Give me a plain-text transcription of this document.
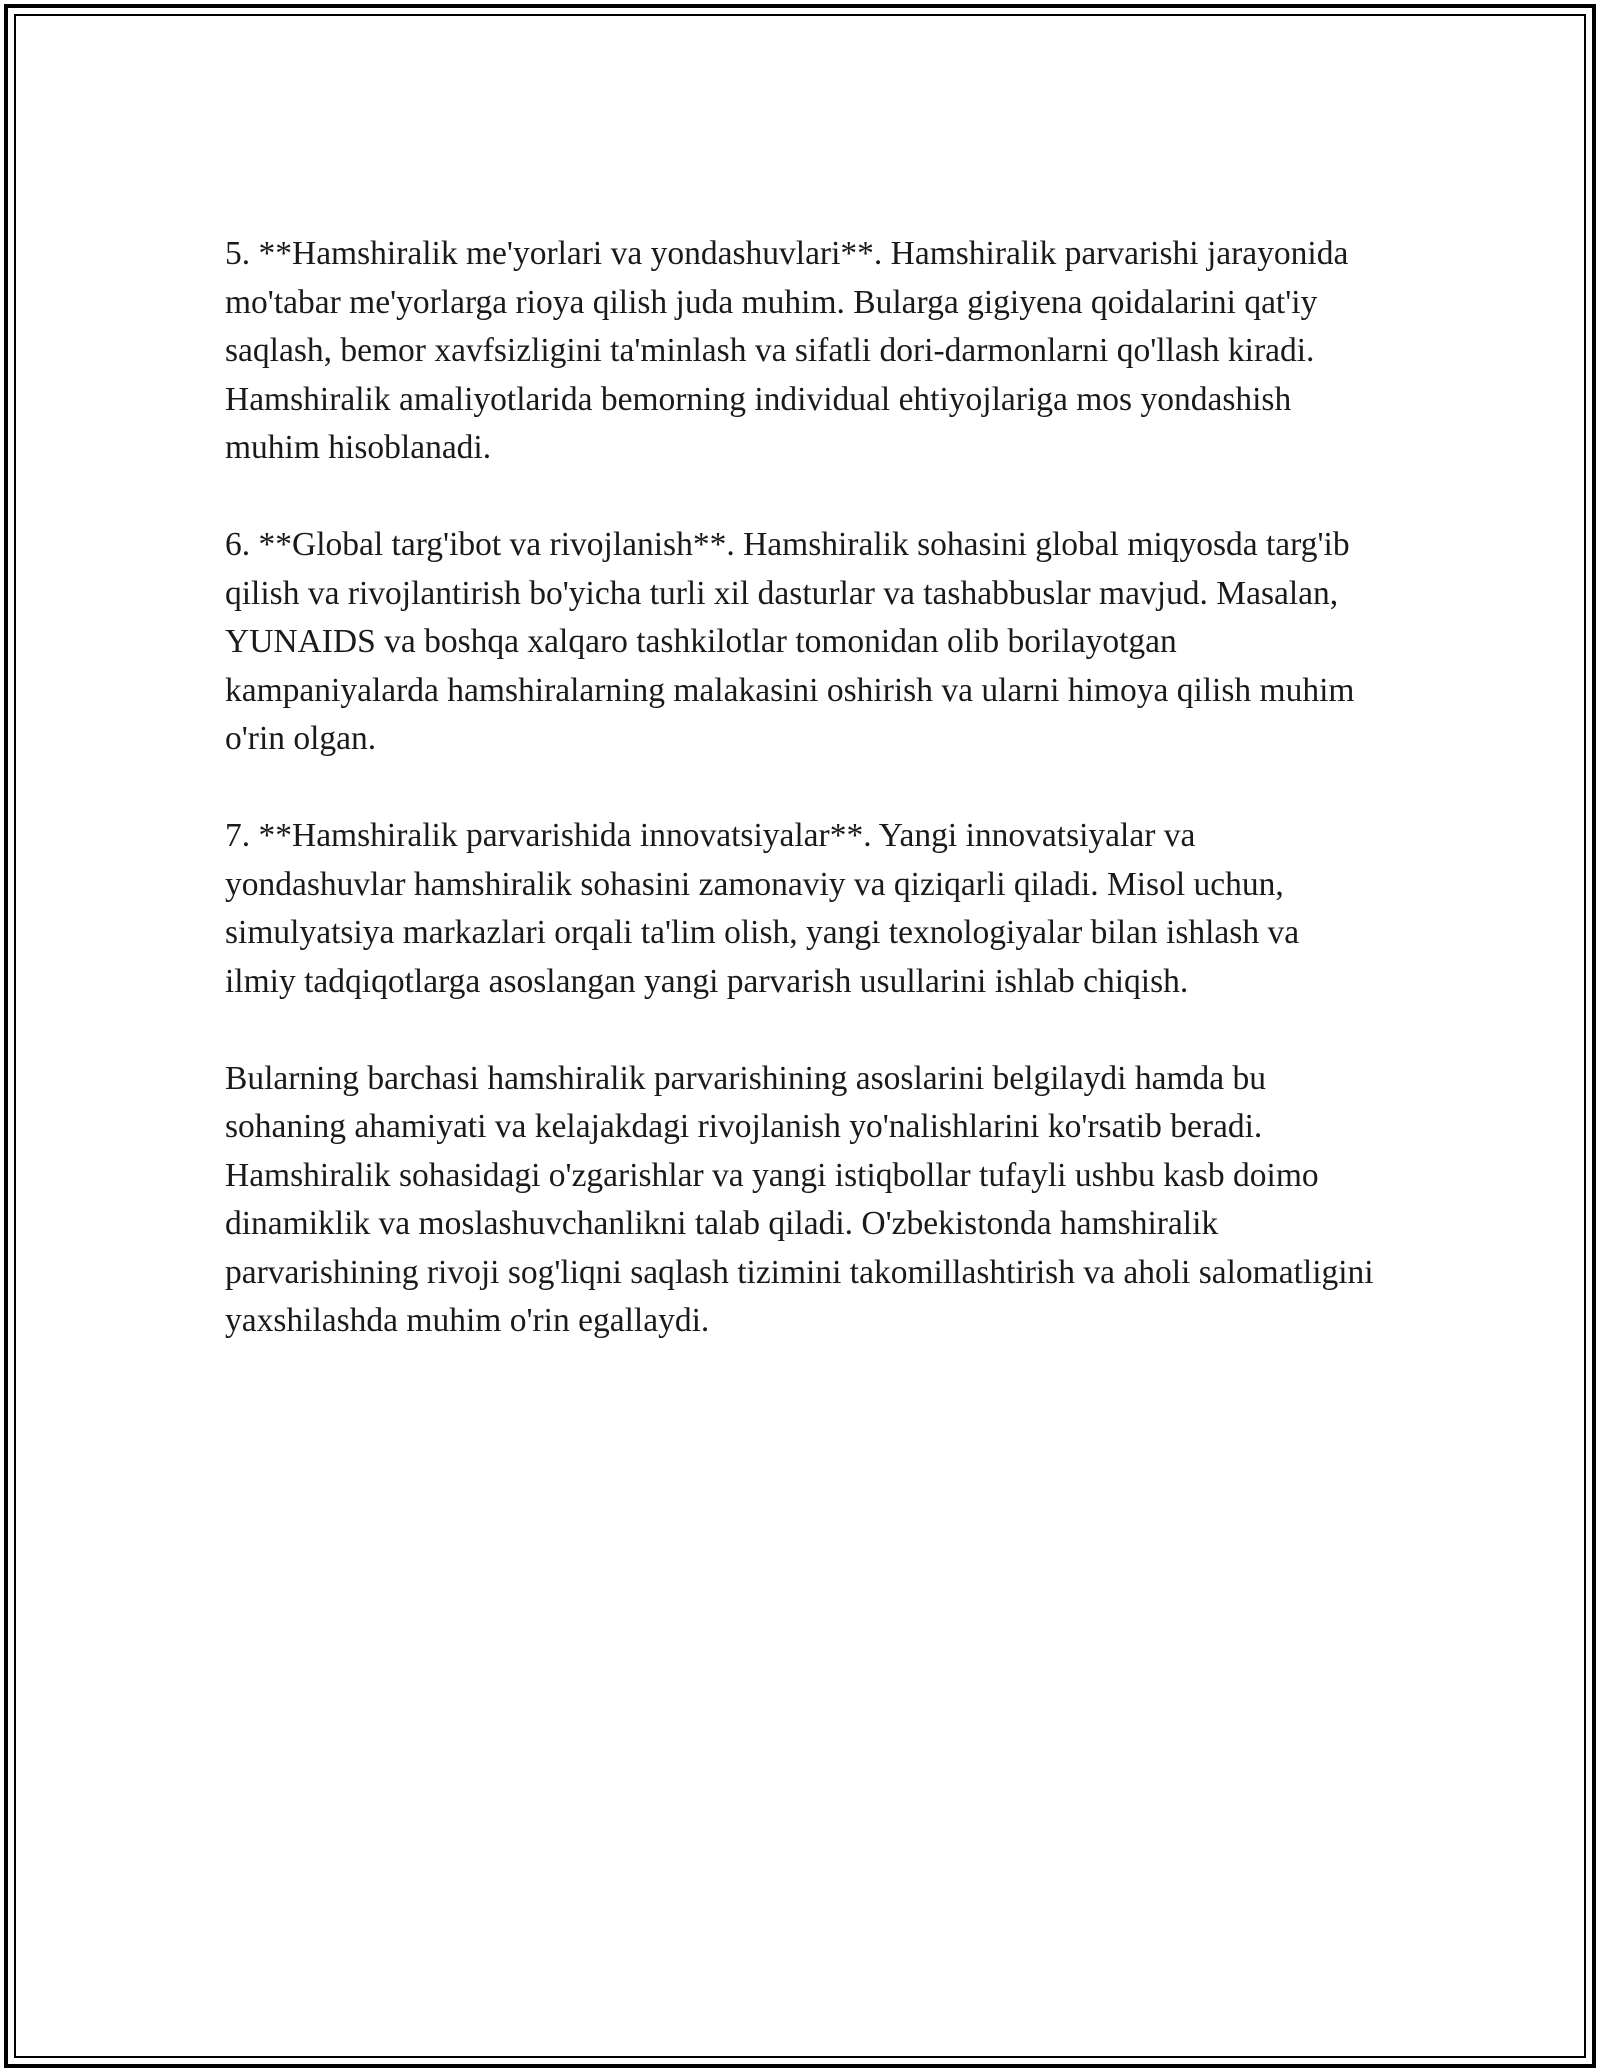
5. **Hamshiralik me'yorlari va yondashuvlari**. Hamshiralik parvarishi jarayonida mo'tabar me'yorlarga rioya qilish juda muhim. Bularga gigiyena qoidalarini qat'iy saqlash, bemor xavfsizligini ta'minlash va sifatli dori-darmonlarni qo'llash kiradi. Hamshiralik amaliyotlarida bemorning individual ehtiyojlariga mos yondashish muhim hisoblanadi.

6. **Global targ'ibot va rivojlanish**. Hamshiralik sohasini global miqyosda targ'ib qilish va rivojlantirish bo'yicha turli xil dasturlar va tashabbuslar mavjud. Masalan, YUNAIDS va boshqa xalqaro tashkilotlar tomonidan olib borilayotgan kampaniyalarda hamshiralarning malakasini oshirish va ularni himoya qilish muhim o'rin olgan.

7. **Hamshiralik parvarishida innovatsiyalar**. Yangi innovatsiyalar va yondashuvlar hamshiralik sohasini zamonaviy va qiziqarli qiladi. Misol uchun, simulyatsiya markazlari orqali ta'lim olish, yangi texnologiyalar bilan ishlash va ilmiy tadqiqotlarga asoslangan yangi parvarish usullarini ishlab chiqish.

Bularning barchasi hamshiralik parvarishining asoslarini belgilaydi hamda bu sohaning ahamiyati va kelajakdagi rivojlanish yo'nalishlarini ko'rsatib beradi. Hamshiralik sohasidagi o'zgarishlar va yangi istiqbollar tufayli ushbu kasb doimo dinamiklik va moslashuvchanlikni talab qiladi. O'zbekistonda hamshiralik parvarishining rivoji sog'liqni saqlash tizimini takomillashtirish va aholi salomatligini yaxshilashda muhim o'rin egallaydi.
